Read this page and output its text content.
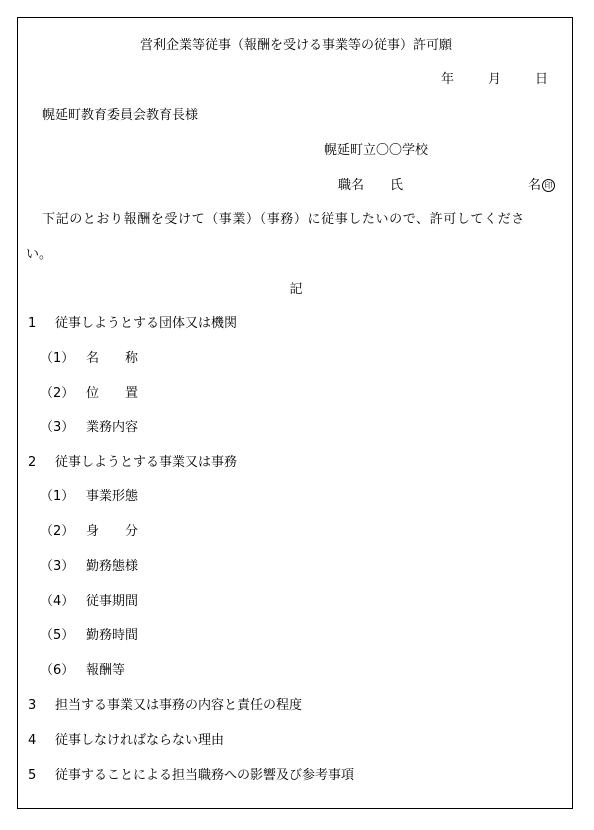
営利企業等従事（報酬を受ける事業等の従事）許可願
年	月	日
幌延町教育委員会教育長様
幌延町立〇〇学校
職名　　氏	名 印
下記のとおり報酬を受けて（事業）（事務）に従事したいので、許可してくださ
い。
記
1 従事しようとする団体又は機関
（1） 名　　称
（2） 位　　置
（3） 業務内容
2 従事しようとする事業又は事務
（1） 事業形態
（2） 身　　分
（3） 勤務態様
（4） 従事期間
（5） 勤務時間
（6） 報酬等
3 担当する事業又は事務の内容と責任の程度
4 従事しなければならない理由
5 従事することによる担当職務への影響及び参考事項
